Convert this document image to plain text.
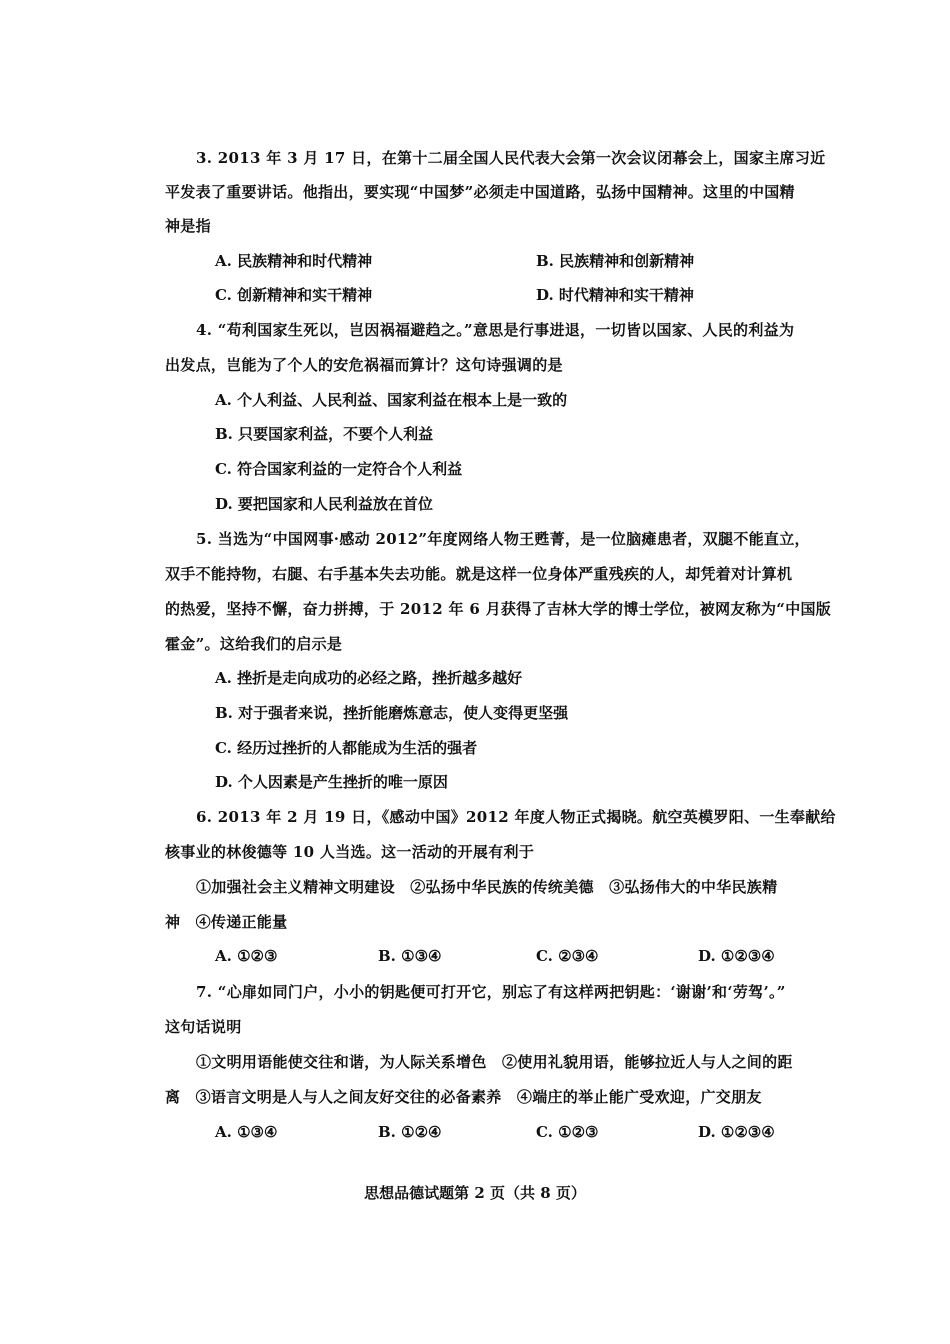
3. 2013 年 3 月 17 日，在第十二届全国人民代表大会第一次会议闭幕会上，国家主席习近
平发表了重要讲话。他指出，要实现“中国梦”必须走中国道路，弘扬中国精神。这里的中国精
神是指
A. 民族精神和时代精神	B. 民族精神和创新精神
C. 创新精神和实干精神	D. 时代精神和实干精神
4. “苟利国家生死以，岂因祸福避趋之。”意思是行事进退，一切皆以国家、人民的利益为
出发点，岂能为了个人的安危祸福而算计？这句诗强调的是
A. 个人利益、人民利益、国家利益在根本上是一致的
B. 只要国家利益，不要个人利益
C. 符合国家利益的一定符合个人利益
D. 要把国家和人民利益放在首位
5. 当选为“中国网事·感动 2012”年度网络人物王甦菁，是一位脑瘫患者，双腿不能直立，
双手不能持物，右腿、右手基本失去功能。就是这样一位身体严重残疾的人，却凭着对计算机
的热爱，坚持不懈，奋力拼搏，于 2012 年 6 月获得了吉林大学的博士学位，被网友称为“中国版
霍金”。这给我们的启示是
A. 挫折是走向成功的必经之路，挫折越多越好
B. 对于强者来说，挫折能磨炼意志，使人变得更坚强
C. 经历过挫折的人都能成为生活的强者
D. 个人因素是产生挫折的唯一原因
6. 2013 年 2 月 19 日，《感动中国》2012 年度人物正式揭晓。航空英模罗阳、一生奉献给
核事业的林俊德等 10 人当选。这一活动的开展有利于
①加强社会主义精神文明建设　②弘扬中华民族的传统美德　③弘扬伟大的中华民族精
神　④传递正能量
A. ①②③	B. ①③④	C. ②③④	D. ①②③④
7. “心扉如同门户，小小的钥匙便可打开它，别忘了有这样两把钥匙：‘谢谢’和‘劳驾’。”
这句话说明
①文明用语能使交往和谐，为人际关系增色　②使用礼貌用语，能够拉近人与人之间的距
离　③语言文明是人与人之间友好交往的必备素养　④端庄的举止能广受欢迎，广交朋友
A. ①③④	B. ①②④	C. ①②③	D. ①②③④
思想品德试题第 2 页（共 8 页）
